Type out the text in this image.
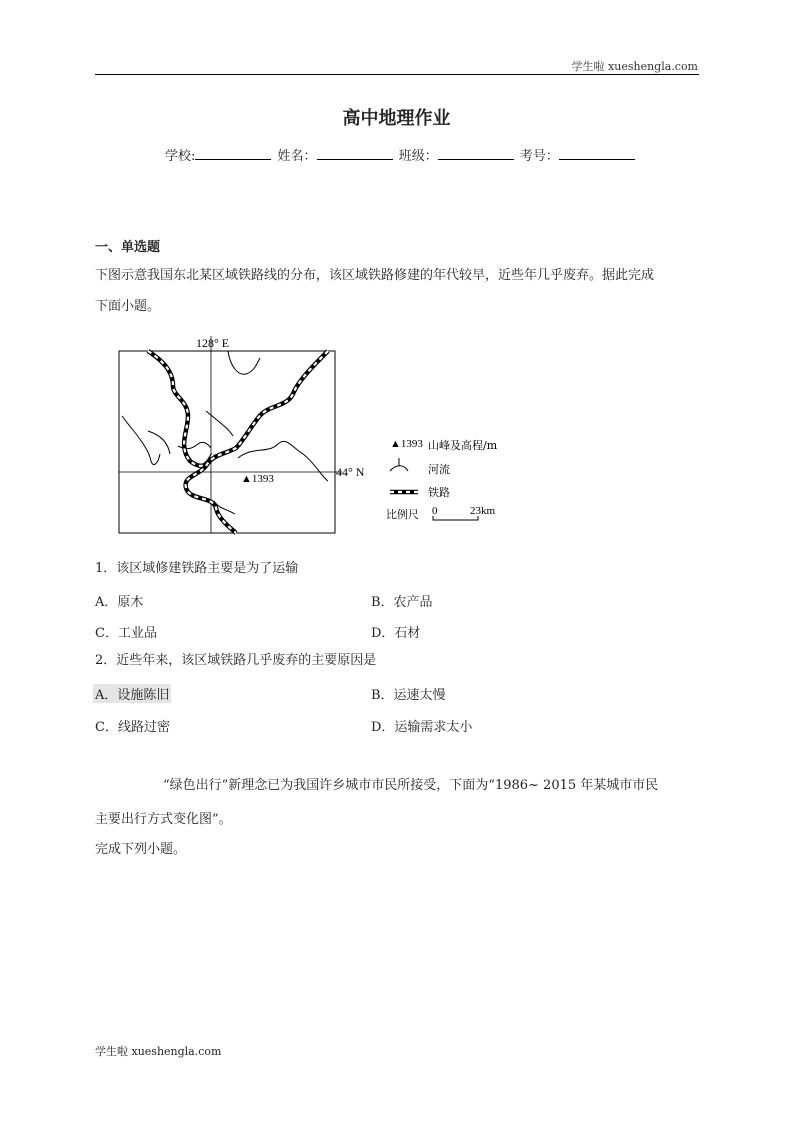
学生啦 xueshengla.com
高中地理作业
学校:	姓名：	班级：	考号：
一、单选题
下图示意我国东北某区域铁路线的分布，该区域铁路修建的年代较早，近些年几乎废弃。据此完成
下面小题。
128° E
44° N
▲1393
▲1393 山峰及高程/m
河流
铁路
比例尺 0	23km
1．该区域修建铁路主要是为了运输
A．原木	B．农产品
C．工业品	D．石材
2．近些年来，该区域铁路几乎废弃的主要原因是
A．设施陈旧	B．运速太慢
C．线路过密	D．运输需求太小
“绿色出行”新理念已为我国许乡城市市民所接受，下面为“1986~ 2015 年某城市市民
主要出行方式变化图”。
完成下列小题。
学生啦 xueshengla.com
